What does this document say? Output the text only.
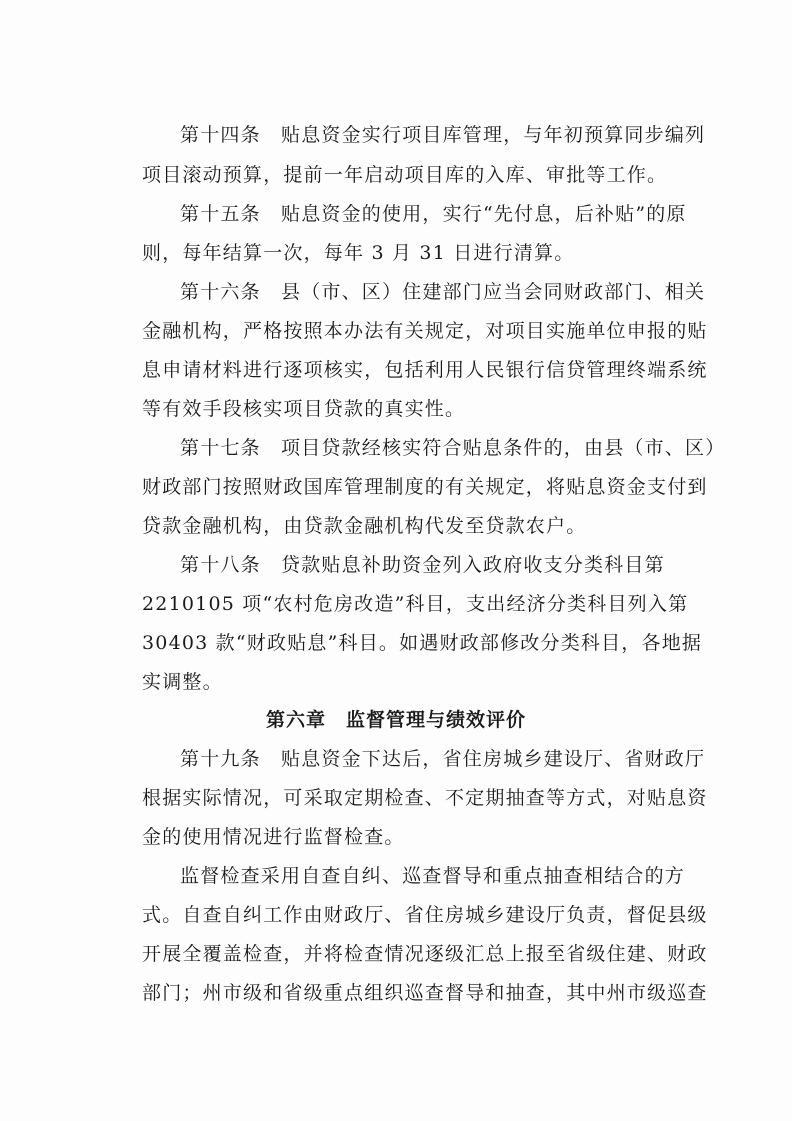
第十四条　贴息资金实行项目库管理，与年初预算同步编列
项目滚动预算，提前一年启动项目库的入库、审批等工作。
第十五条　贴息资金的使用，实行“先付息，后补贴”的原
则，每年结算一次，每年 3 月 31 日进行清算。
第十六条　县（市、区）住建部门应当会同财政部门、相关
金融机构，严格按照本办法有关规定，对项目实施单位申报的贴
息申请材料进行逐项核实，包括利用人民银行信贷管理终端系统
等有效手段核实项目贷款的真实性。
第十七条　项目贷款经核实符合贴息条件的，由县（市、区）
财政部门按照财政国库管理制度的有关规定，将贴息资金支付到
贷款金融机构，由贷款金融机构代发至贷款农户。
第十八条　贷款贴息补助资金列入政府收支分类科目第
2210105 项“农村危房改造”科目，支出经济分类科目列入第
30403 款“财政贴息”科目。如遇财政部修改分类科目，各地据
实调整。
第六章　监督管理与绩效评价
第十九条　贴息资金下达后，省住房城乡建设厅、省财政厅
根据实际情况，可采取定期检查、不定期抽查等方式，对贴息资
金的使用情况进行监督检查。
监督检查采用自查自纠、巡查督导和重点抽查相结合的方
式。自查自纠工作由财政厅、省住房城乡建设厅负责，督促县级
开展全覆盖检查，并将检查情况逐级汇总上报至省级住建、财政
部门；州市级和省级重点组织巡查督导和抽查，其中州市级巡查
